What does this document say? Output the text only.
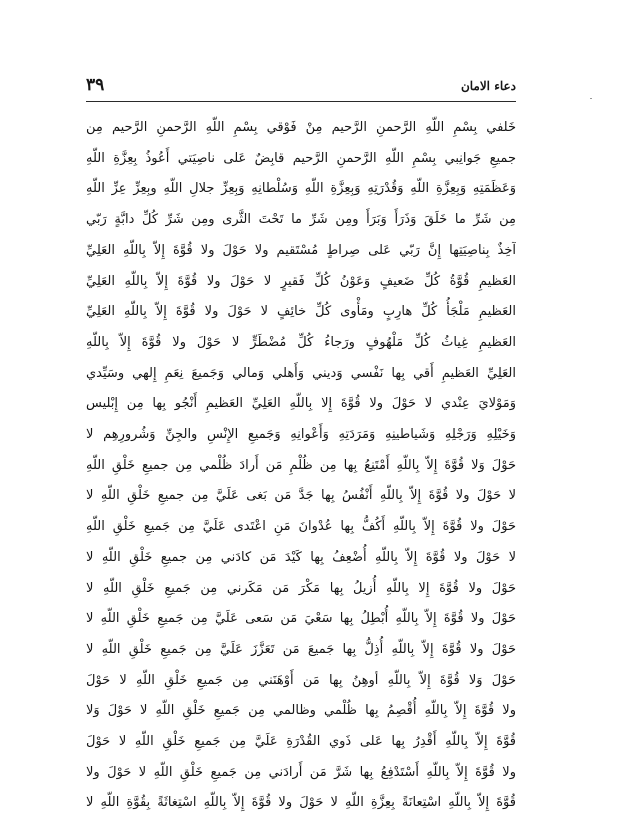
٣٩	دعاء الامان
خَلفي بِسْمِ اللّهِ الرَّحمنِ الرَّحيم مِنْ فَوْقي بِسْمِ اللّهِ الرَّحمنِ الرَّحيم مِن
جميعِ جَوانِبي بِسْمِ اللّهِ الرَّحمنِ الرَّحيم قابِضٌ عَلى ناصِيَتي أَعُوذُ بِعِزَّةِ اللّهِ
وَعَظَمَتِهِ وَبِعِزَّةِ اللّهِ وَقُدْرَتِهِ وَبِعِزَّةِ اللّهِ وَسُلْطانِهِ وَبِعِزِّ جلالِ اللّهِ وبِعِزِّ عِزِّ اللّهِ
مِن شَرِّ ما خَلَقَ وَذَرَأَ وَبَرَأَ ومِن شَرِّ ما تَحْتَ الثَّرى ومِن شَرِّ كُلِّ دابَّةٍ رَبّي
آخِذٌ بِناصِيَتِها إِنَّ رَبّي عَلى صِراطٍ مُسْتَقيم ولا حَوْلَ ولا قُوَّةَ إِلاّ بِاللّهِ العَلِيِّ
العَظيمِ قُوَّةُ كُلِّ ضَعيفٍ وَعَوْنُ كُلِّ فَقيرٍ لا حَوْلَ ولا قُوَّةَ إِلاّ بِاللّهِ العَلِيِّ
العَظيمِ مَلْجَأُ كُلِّ هارِبٍ ومَأْوى كُلِّ خائِفٍ لا حَوْلَ ولا قُوَّةَ إِلاّ بِاللّهِ العَلِيِّ
العَظيمِ غِياثُ كُلِّ مَلْهُوفٍ ورَجاءُ كُلِّ مُضْطَرٍّ لا حَوْلَ ولا قُوَّةَ إِلاّ بِاللّهِ
العَلِيِّ العَظيمِ أَقي بِها نَفْسي وَديني وَأَهلي وَمالي وَجَميعَ نِعَمِ إِلهي وسَيِّدي
وَمَوْلايَ عِنْدي لا حَوْلَ ولا قُوَّةَ إِلا بِاللّهِ العَلِيِّ العَظيمِ أَنْجُو بِها مِن إِبْليس
وَخَيْلِهِ وَرَجْلِهِ وَشَياطينِهِ وَمَرَدَتِهِ وَأَعْوانِهِ وَجَميعِ الإِنْسِ والجِنِّ وَشُرورِهِم لا
حَوْلَ وَلا قُوَّةَ إِلاّ بِاللّهِ أَمْتَنِعُ بِها مِن ظُلْمِ مَن أَرادَ ظُلْمي مِن جميعِ خَلْقِ اللّهِ
لا حَوْلَ ولا قُوَّةَ إِلاّ بِاللّهِ أَنْفُسُ بِها جَدَّ مَن بَغى عَلَيَّ مِن جميعِ خَلْقِ اللّهِ لا
حَوْلَ ولا قُوَّةَ إِلاّ بِاللّهِ أَكُفُّ بِها عُدْوانَ مَنِ اعْتَدى عَلَيَّ مِن جَميعِ خَلْقِ اللّهِ
لا حَوْلَ ولا قُوَّةَ إِلاّ بِاللّهِ أُضْعِفُ بِها كَيْدَ مَن كادَني مِن جميعِ خَلْقِ اللّهِ لا
حَوْلَ ولا قُوَّةَ إِلا بِاللّهِ أُزيلُ بِها مَكْرَ مَن مَكَرني مِن جَميعِ خَلْقِ اللّهِ لا
حَوْلَ ولا قُوَّةَ إِلاّ بِاللّهِ أُبْطِلُ بِها سَعْيَ مَن سَعى عَلَيَّ مِن جَميعِ خَلْقِ اللّهِ لا
حَوْلَ ولا قُوَّةَ إِلاّ بِاللّهِ أُذِلُّ بِها جَميعَ مَن تَعَزَّزَ عَلَيَّ مِن جَميعِ خَلْقِ اللّهِ لا
حَوْلَ وَلا قُوَّةَ إِلاّ بِاللّهِ أوهِنُ بِها مَن أَوْهَنَني مِن جَميعِ خَلْقِ اللّهِ لا حَوْلَ
ولا قُوَّةَ إِلاّ بِاللّهِ أُقْصِمُ بِها ظُلْمي وظالمي مِن جَميعِ خَلْقِ اللّهِ لا حَوْلَ وَلا
قُوَّةَ إِلاّ بِاللّهِ أَقْدِرُ بِها عَلى ذَوي القُدْرَةِ عَلَيَّ مِن جَميعِ خَلْقِ اللّهِ لا حَوْلَ
ولا قُوَّةَ إِلاّ بِاللّهِ أَسْتَدْفِعُ بِها شَرَّ مَن أَرادَني مِن جَميعِ خَلْقِ اللّهِ لا حَوْلَ ولا
قُوَّةَ إِلاّ بِاللّهِ اسْتِعانَةً بِعِزَّةِ اللّهِ لا حَوْلَ ولا قُوَّةَ إِلاّ بِاللّهِ اسْتِغاثَةً بِقُوَّةِ اللّهِ لا
